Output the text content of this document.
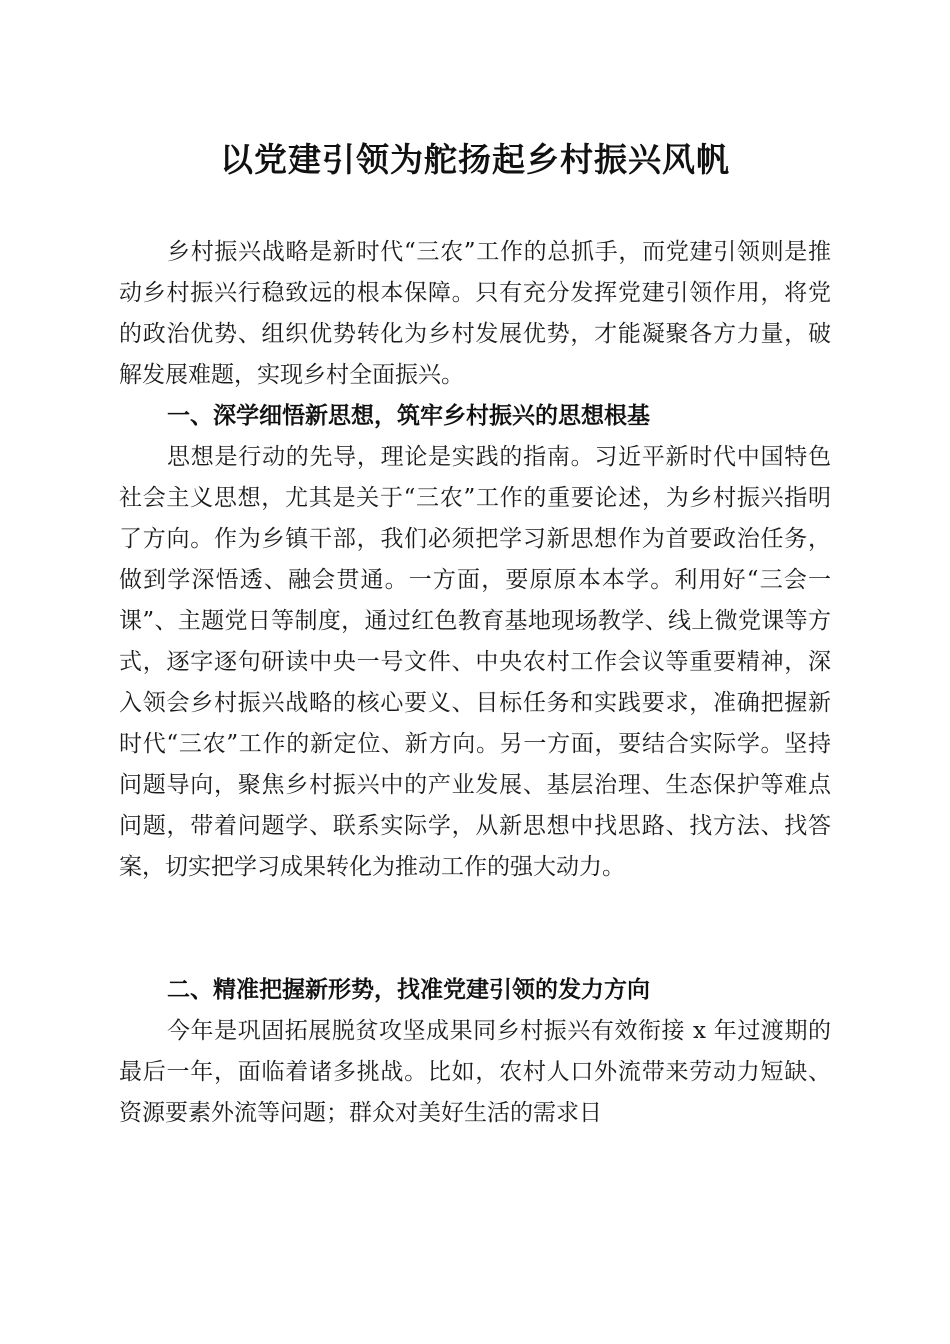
以党建引领为舵扬起乡村振兴风帆

乡村振兴战略是新时代“三农”工作的总抓手，而党建引领则是推动乡村振兴行稳致远的根本保障。只有充分发挥党建引领作用，将党的政治优势、组织优势转化为乡村发展优势，才能凝聚各方力量，破解发展难题，实现乡村全面振兴。

一、深学细悟新思想，筑牢乡村振兴的思想根基

思想是行动的先导，理论是实践的指南。习近平新时代中国特色社会主义思想，尤其是关于“三农”工作的重要论述，为乡村振兴指明了方向。作为乡镇干部，我们必须把学习新思想作为首要政治任务，做到学深悟透、融会贯通。一方面，要原原本本学。利用好“三会一课”、主题党日等制度，通过红色教育基地现场教学、线上微党课等方式，逐字逐句研读中央一号文件、中央农村工作会议等重要精神，深入领会乡村振兴战略的核心要义、目标任务和实践要求，准确把握新时代“三农”工作的新定位、新方向。另一方面，要结合实际学。坚持问题导向，聚焦乡村振兴中的产业发展、基层治理、生态保护等难点问题，带着问题学、联系实际学，从新思想中找思路、找方法、找答案，切实把学习成果转化为推动工作的强大动力。

二、精准把握新形势，找准党建引领的发力方向

今年是巩固拓展脱贫攻坚成果同乡村振兴有效衔接 x 年过渡期的最后一年，面临着诸多挑战。比如，农村人口外流带来劳动力短缺、资源要素外流等问题；群众对美好生活的需求日
